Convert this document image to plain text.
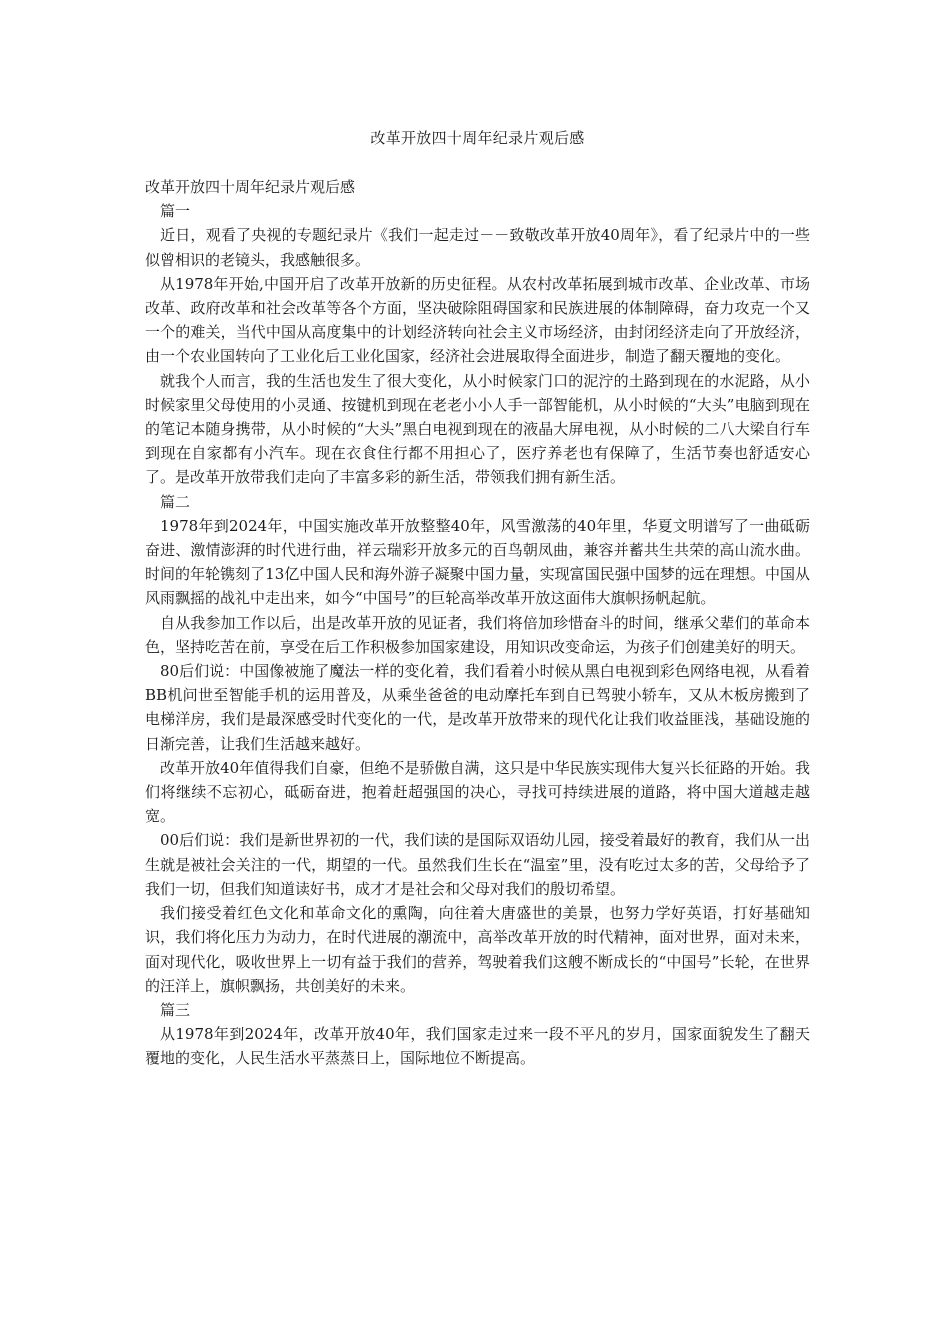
改革开放四十周年纪录片观后感

改革开放四十周年纪录片观后感

篇一

近日，观看了央视的专题纪录片《我们一起走过－－致敬改革开放40周年》，看了纪录片中的一些似曾相识的老镜头，我感触很多。

从1978年开始,中国开启了改革开放新的历史征程。从农村改革拓展到城市改革、企业改革、市场改革、政府改革和社会改革等各个方面，坚决破除阻碍国家和民族进展的体制障碍，奋力攻克一个又一个的难关，当代中国从高度集中的计划经济转向社会主义市场经济，由封闭经济走向了开放经济，由一个农业国转向了工业化后工业化国家，经济社会进展取得全面进步，制造了翻天覆地的变化。

就我个人而言，我的生活也发生了很大变化，从小时候家门口的泥泞的土路到现在的水泥路，从小时候家里父母使用的小灵通、按键机到现在老老小小人手一部智能机，从小时候的“大头”电脑到现在的笔记本随身携带，从小时候的“大头”黑白电视到现在的液晶大屏电视，从小时候的二八大梁自行车到现在自家都有小汽车。现在衣食住行都不用担心了，医疗养老也有保障了，生活节奏也舒适安心了。是改革开放带我们走向了丰富多彩的新生活，带领我们拥有新生活。

篇二

1978年到2024年，中国实施改革开放整整40年，风雪激荡的40年里，华夏文明谱写了一曲砥砺奋进、激情澎湃的时代进行曲，祥云瑞彩开放多元的百鸟朝凤曲，兼容并蓄共生共荣的高山流水曲。时间的年轮镌刻了13亿中国人民和海外游子凝聚中国力量，实现富国民强中国梦的远在理想。中国从风雨飘摇的战礼中走出来，如今“中国号”的巨轮高举改革开放这面伟大旗帜扬帆起航。

自从我参加工作以后，出是改革开放的见证者，我们将倍加珍惜奋斗的时间，继承父辈们的革命本色，坚持吃苦在前，享受在后工作积极参加国家建设，用知识改变命运，为孩子们创建美好的明天。

80后们说：中国像被施了魔法一样的变化着，我们看着小时候从黑白电视到彩色网络电视，从看着BB机问世至智能手机的运用普及，从乘坐爸爸的电动摩托车到自已驾驶小轿车，又从木板房搬到了电梯洋房，我们是最深感受时代变化的一代，是改革开放带来的现代化让我们收益匪浅，基础设施的日渐完善，让我们生活越来越好。

改革开放40年值得我们自豪，但绝不是骄傲自满，这只是中华民族实现伟大复兴长征路的开始。我们将继续不忘初心，砥砺奋进，抱着赶超强国的决心，寻找可持续进展的道路，将中国大道越走越宽。

00后们说：我们是新世界初的一代，我们读的是国际双语幼儿园，接受着最好的教育，我们从一出生就是被社会关注的一代，期望的一代。虽然我们生长在“温室”里，没有吃过太多的苦，父母给予了我们一切，但我们知道读好书，成才才是社会和父母对我们的殷切希望。

我们接受着红色文化和革命文化的熏陶，向往着大唐盛世的美景，也努力学好英语，打好基础知识，我们将化压力为动力，在时代进展的潮流中，高举改革开放的时代精神，面对世界，面对未来，面对现代化，吸收世界上一切有益于我们的营养，驾驶着我们这艘不断成长的“中国号”长轮，在世界的汪洋上，旗帜飘扬，共创美好的未来。

篇三

从1978年到2024年，改革开放40年，我们国家走过来一段不平凡的岁月，国家面貌发生了翻天覆地的变化，人民生活水平蒸蒸日上，国际地位不断提高。
